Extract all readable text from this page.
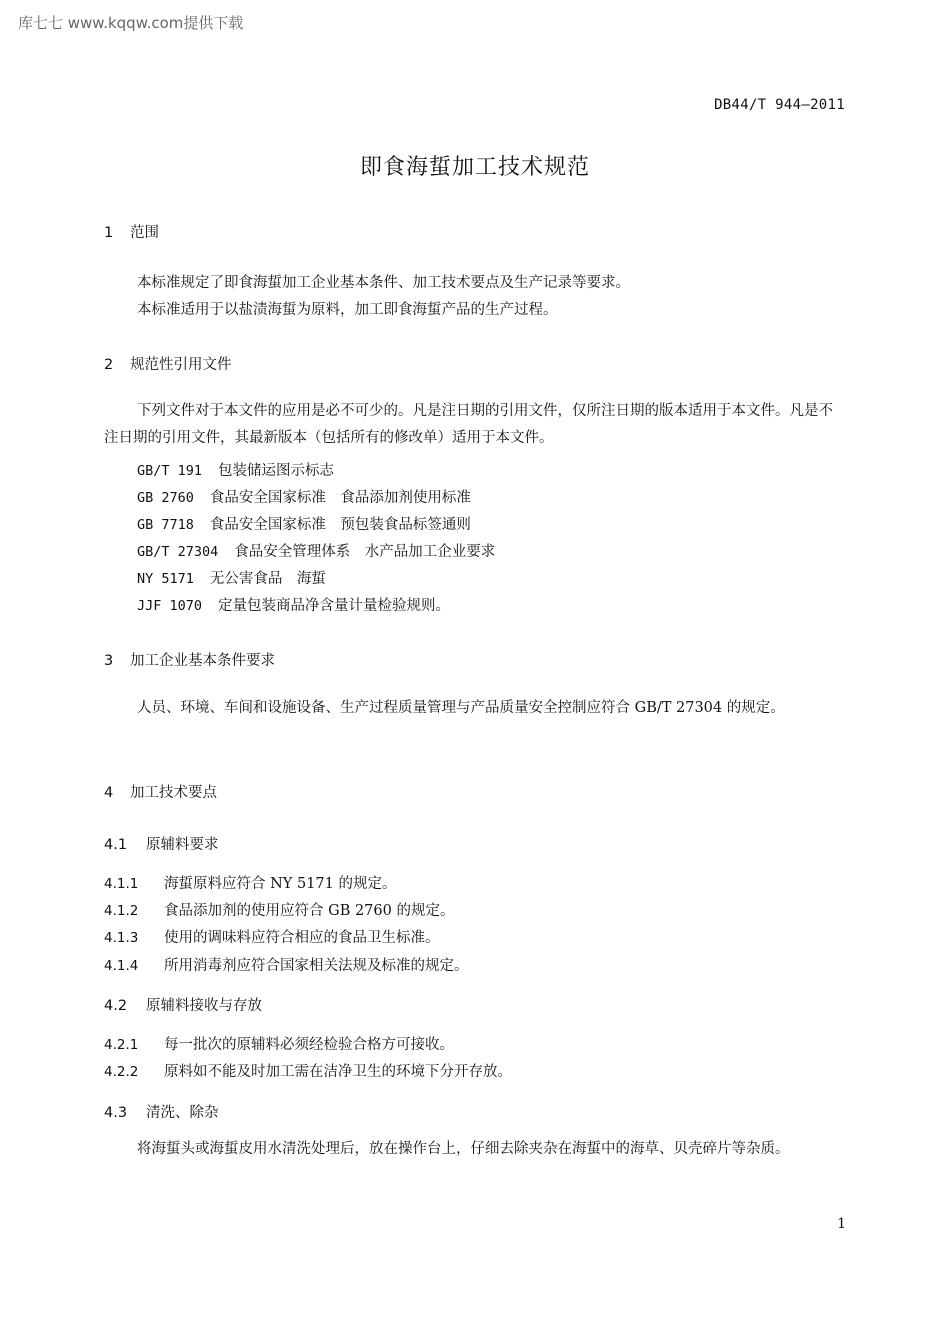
库七七 www.kqqw.com提供下载
DB44/T 944—2011
即食海蜇加工技术规范
1 范围
本标准规定了即食海蜇加工企业基本条件、加工技术要点及生产记录等要求。
本标准适用于以盐渍海蜇为原料，加工即食海蜇产品的生产过程。
2 规范性引用文件
下列文件对于本文件的应用是必不可少的。凡是注日期的引用文件，仅所注日期的版本适用于本文件。凡是不注日期的引用文件，其最新版本（包括所有的修改单）适用于本文件。
GB/T 191 包装储运图示标志
GB 2760 食品安全国家标准　食品添加剂使用标准
GB 7718 食品安全国家标准　预包装食品标签通则
GB/T 27304 食品安全管理体系　水产品加工企业要求
NY 5171 无公害食品　海蜇
JJF 1070 定量包装商品净含量计量检验规则。
3 加工企业基本条件要求
人员、环境、车间和设施设备、生产过程质量管理与产品质量安全控制应符合 GB/T 27304 的规定。
4 加工技术要点
4.1 原辅料要求
4.1.1 海蜇原料应符合 NY 5171 的规定。
4.1.2 食品添加剂的使用应符合 GB 2760 的规定。
4.1.3 使用的调味料应符合相应的食品卫生标准。
4.1.4 所用消毒剂应符合国家相关法规及标准的规定。
4.2 原辅料接收与存放
4.2.1 每一批次的原辅料必须经检验合格方可接收。
4.2.2 原料如不能及时加工需在洁净卫生的环境下分开存放。
4.3 清洗、除杂
将海蜇头或海蜇皮用水清洗处理后，放在操作台上，仔细去除夹杂在海蜇中的海草、贝壳碎片等杂质。
1
